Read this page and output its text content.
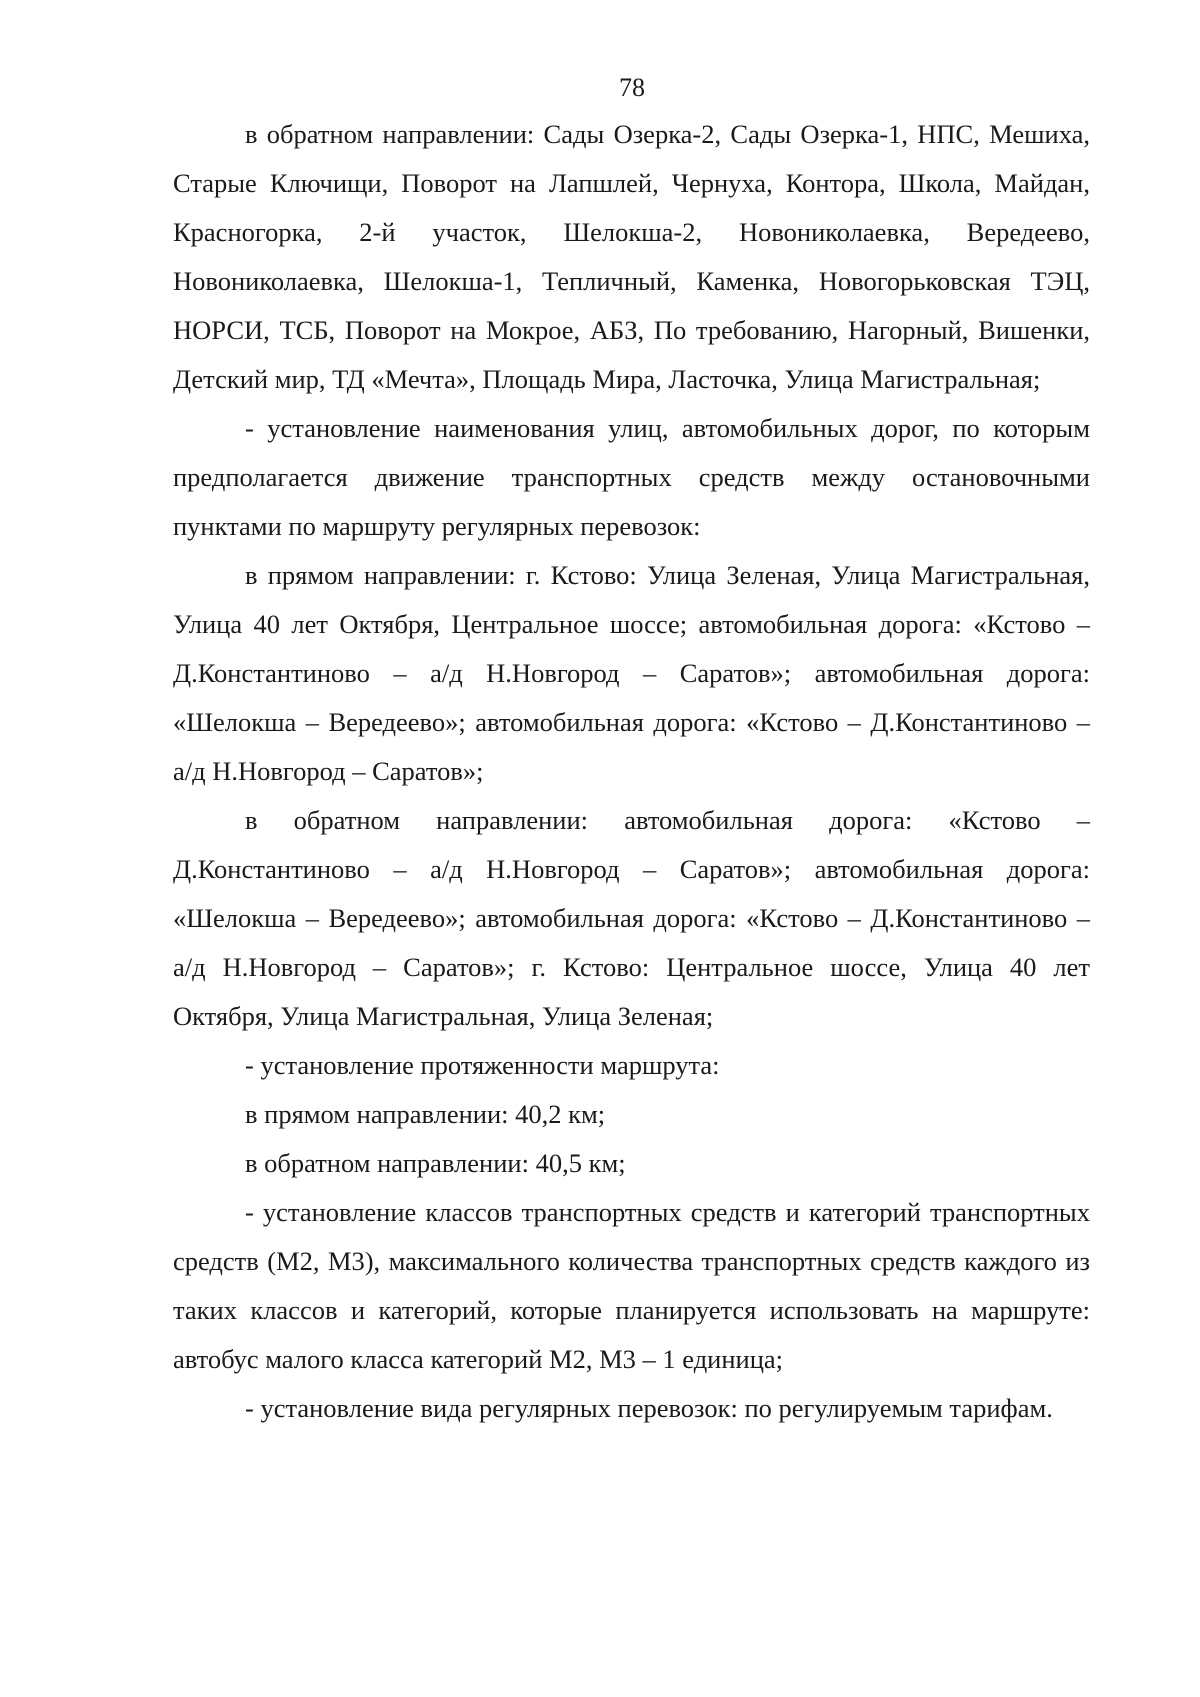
78

в обратном направлении: Сады Озерка-2, Сады Озерка-1, НПС, Мешиха, Старые Ключищи, Поворот на Лапшлей, Чернуха, Контора, Школа, Майдан, Красногорка, 2-й участок, Шелокша-2, Новониколаевка, Вередеево, Новониколаевка, Шелокша-1, Тепличный, Каменка, Новогорьковская ТЭЦ, НОРСИ, ТСБ, Поворот на Мокрое, АБЗ, По требованию, Нагорный, Вишенки, Детский мир, ТД «Мечта», Площадь Мира, Ласточка, Улица Магистральная;

- установление наименования улиц, автомобильных дорог, по которым предполагается движение транспортных средств между остановочными пунктами по маршруту регулярных перевозок:

в прямом направлении: г. Кстово: Улица Зеленая, Улица Магистральная, Улица 40 лет Октября, Центральное шоссе; автомобильная дорога: «Кстово – Д.Константиново – а/д Н.Новгород – Саратов»; автомобильная дорога: «Шелокша – Вередеево»; автомобильная дорога: «Кстово – Д.Константиново – а/д Н.Новгород – Саратов»;

в обратном направлении: автомобильная дорога: «Кстово – Д.Константиново – а/д Н.Новгород – Саратов»; автомобильная дорога: «Шелокша – Вередеево»; автомобильная дорога: «Кстово – Д.Константиново – а/д Н.Новгород – Саратов»; г. Кстово: Центральное шоссе, Улица 40 лет Октября, Улица Магистральная, Улица Зеленая;

- установление протяженности маршрута:

в прямом направлении: 40,2 км;

в обратном направлении: 40,5 км;

- установление классов транспортных средств и категорий транспортных средств (М2, М3), максимального количества транспортных средств каждого из таких классов и категорий, которые планируется использовать на маршруте: автобус малого класса категорий М2, М3 – 1 единица;

- установление вида регулярных перевозок: по регулируемым тарифам.
